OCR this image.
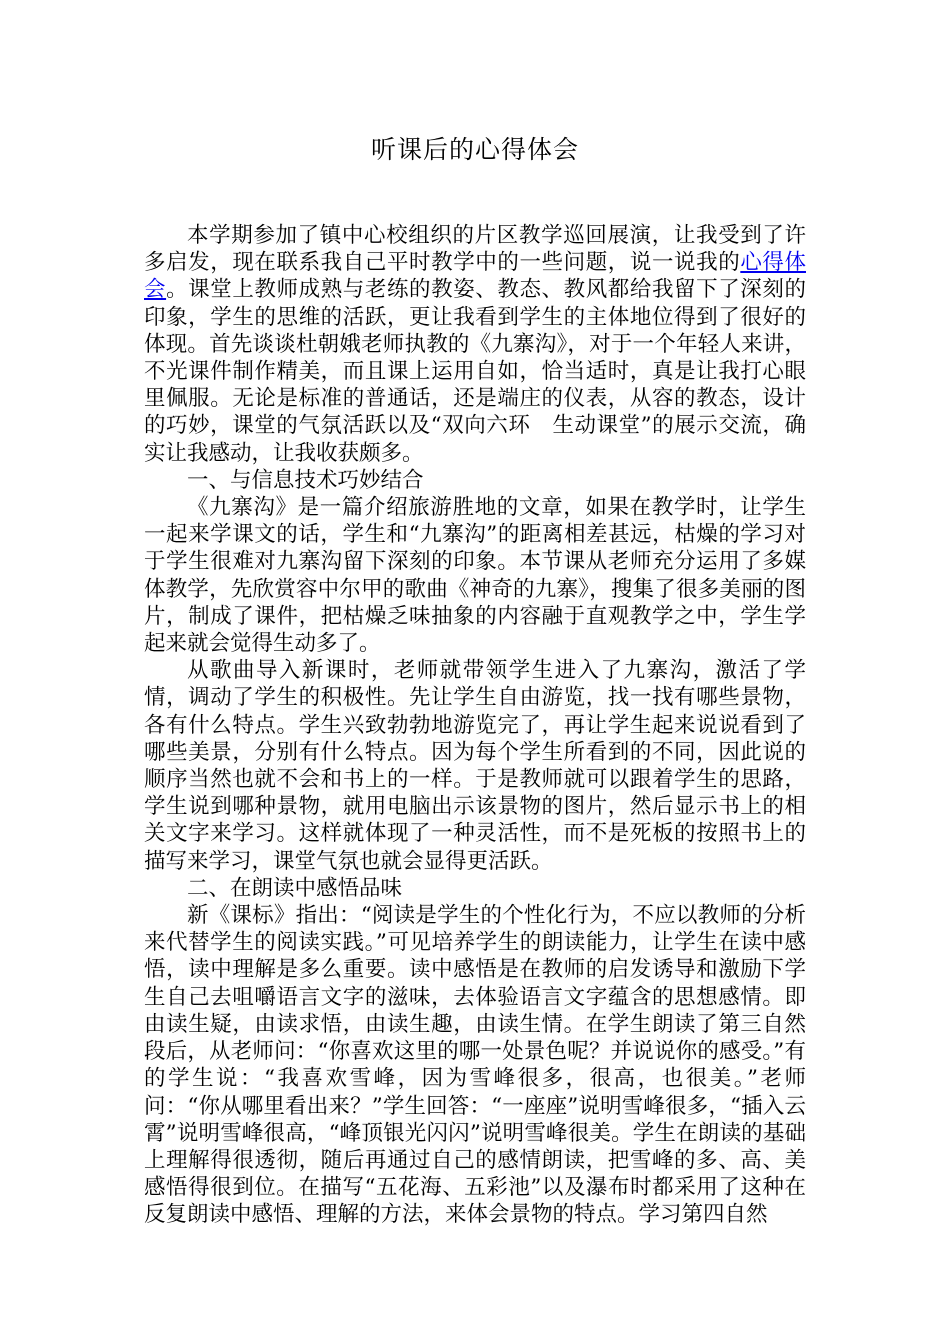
听课后的心得体会

本学期参加了镇中心校组织的片区教学巡回展演，让我受到了许多启发，现在联系我自己平时教学中的一些问题，说一说我的心得体会。课堂上教师成熟与老练的教姿、教态、教风都给我留下了深刻的印象，学生的思维的活跃，更让我看到学生的主体地位得到了很好的体现。首先谈谈杜朝娥老师执教的《九寨沟》，对于一个年轻人来讲，不光课件制作精美，而且课上运用自如，恰当适时，真是让我打心眼里佩服。无论是标准的普通话，还是端庄的仪表，从容的教态，设计的巧妙，课堂的气氛活跃以及“双向六环　生动课堂”的展示交流，确实让我感动，让我收获颇多。

一、与信息技术巧妙结合

《九寨沟》是一篇介绍旅游胜地的文章，如果在教学时，让学生一起来学课文的话，学生和“九寨沟”的距离相差甚远，枯燥的学习对于学生很难对九寨沟留下深刻的印象。本节课从老师充分运用了多媒体教学，先欣赏容中尔甲的歌曲《神奇的九寨》，搜集了很多美丽的图片，制成了课件，把枯燥乏味抽象的内容融于直观教学之中，学生学起来就会觉得生动多了。

从歌曲导入新课时，老师就带领学生进入了九寨沟，激活了学情，调动了学生的积极性。先让学生自由游览，找一找有哪些景物，各有什么特点。学生兴致勃勃地游览完了，再让学生起来说说看到了哪些美景，分别有什么特点。因为每个学生所看到的不同，因此说的顺序当然也就不会和书上的一样。于是教师就可以跟着学生的思路，学生说到哪种景物，就用电脑出示该景物的图片，然后显示书上的相关文字来学习。这样就体现了一种灵活性，而不是死板的按照书上的描写来学习，课堂气氛也就会显得更活跃。

二、在朗读中感悟品味

新《课标》指出：“阅读是学生的个性化行为，不应以教师的分析来代替学生的阅读实践。”可见培养学生的朗读能力，让学生在读中感悟，读中理解是多么重要。读中感悟是在教师的启发诱导和激励下学生自己去咀嚼语言文字的滋味，去体验语言文字蕴含的思想感情。即由读生疑，由读求悟，由读生趣，由读生情。在学生朗读了第三自然段后，从老师问：“你喜欢这里的哪一处景色呢？并说说你的感受。”有的学生说：“我喜欢雪峰，因为雪峰很多，很高，也很美。”老师问：“你从哪里看出来？”学生回答：“一座座”说明雪峰很多，“插入云霄”说明雪峰很高，“峰顶银光闪闪”说明雪峰很美。学生在朗读的基础上理解得很透彻，随后再通过自己的感情朗读，把雪峰的多、高、美感悟得很到位。在描写“五花海、五彩池”以及瀑布时都采用了这种在反复朗读中感悟、理解的方法，来体会景物的特点。学习第四自然
